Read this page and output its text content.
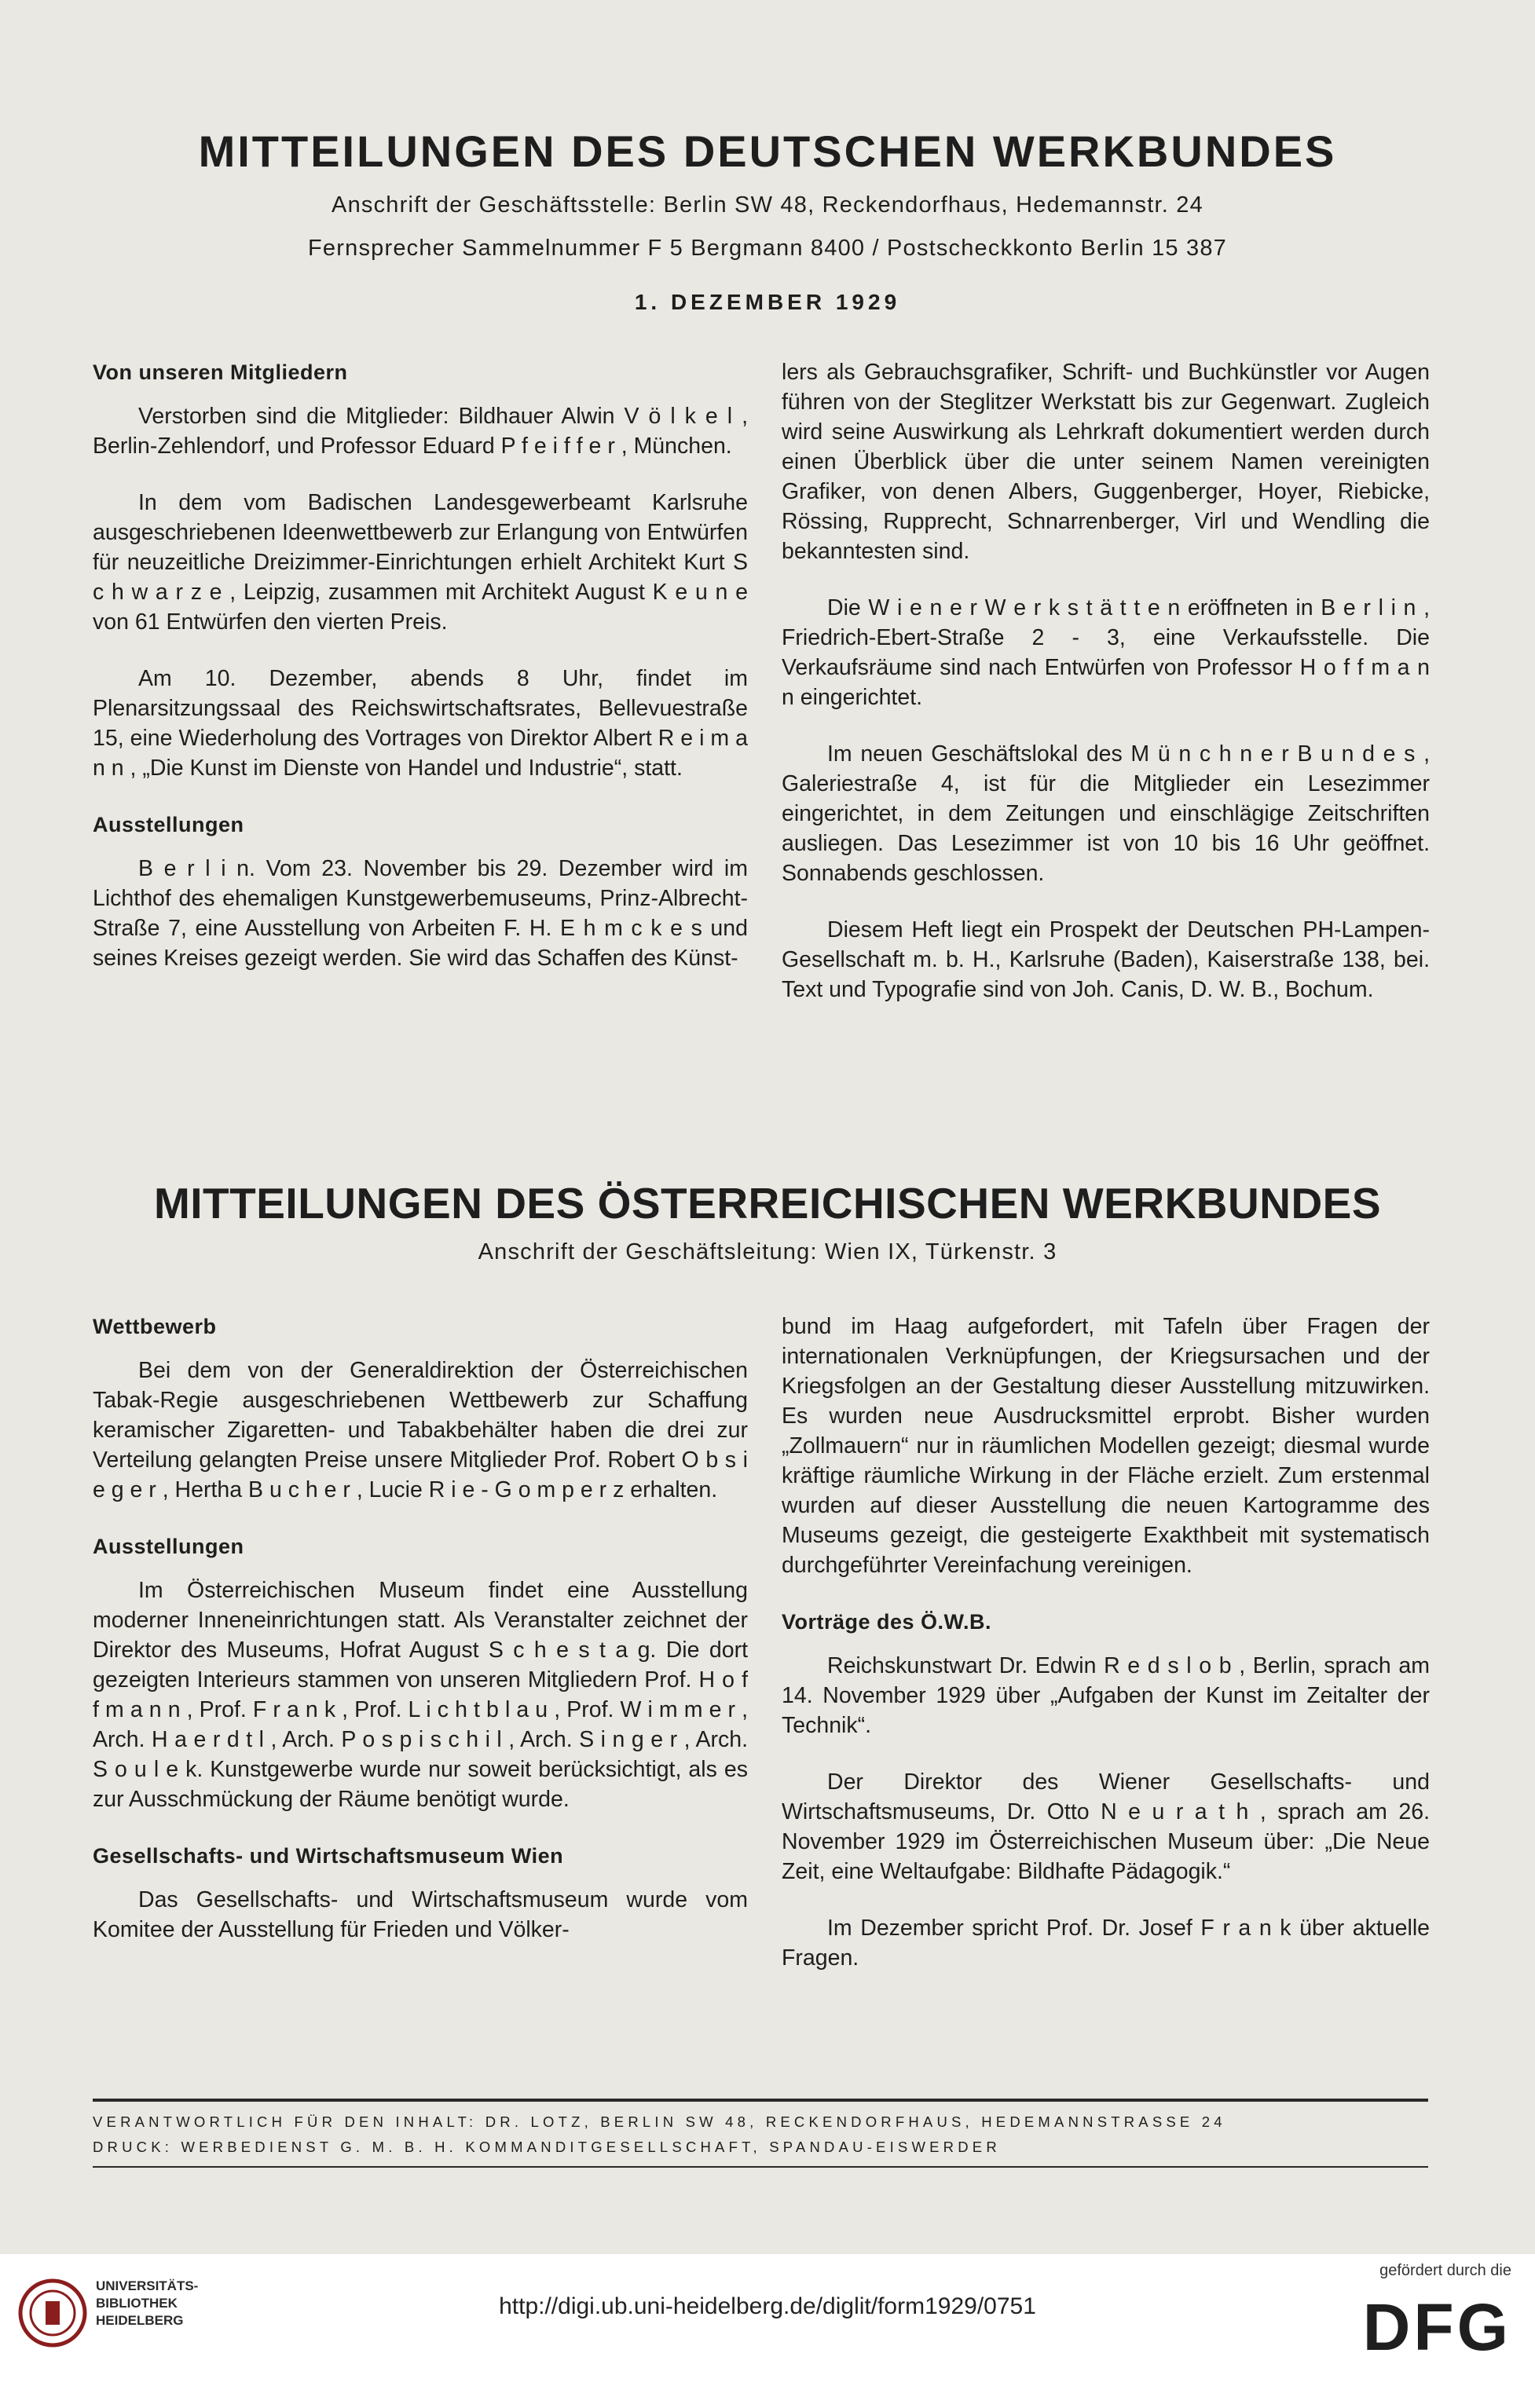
MITTEILUNGEN DES DEUTSCHEN WERKBUNDES
Anschrift der Geschäftsstelle: Berlin SW 48, Reckendorfhaus, Hedemannstr. 24
Fernsprecher Sammelnummer F 5 Bergmann 8400 / Postscheckkonto Berlin 15 387
1. DEZEMBER 1929
Von unseren Mitgliedern
Verstorben sind die Mitglieder: Bildhauer Alwin V ö l k e l , Berlin-Zehlendorf, und Professor Eduard P f e i f f e r , München.
In dem vom Badischen Landesgewerbeamt Karlsruhe ausgeschriebenen Ideenwettbewerb zur Erlangung von Entwürfen für neuzeitliche Dreizimmer-Einrichtungen erhielt Architekt Kurt S c h w a r z e , Leipzig, zusammen mit Architekt August K e u n e von 61 Entwürfen den vierten Preis.
Am 10. Dezember, abends 8 Uhr, findet im Plenarsitzungssaal des Reichswirtschaftsrates, Bellevuestraße 15, eine Wiederholung des Vortrages von Direktor Albert R e i m a n n , „Die Kunst im Dienste von Handel und Industrie“, statt.
Ausstellungen
B e r l i n. Vom 23. November bis 29. Dezember wird im Lichthof des ehemaligen Kunstgewerbemuseums, Prinz-Albrecht-Straße 7, eine Ausstellung von Arbeiten F. H. E h m c k e s und seines Kreises gezeigt werden. Sie wird das Schaffen des Künst-
lers als Gebrauchsgrafiker, Schrift- und Buchkünstler vor Augen führen von der Steglitzer Werkstatt bis zur Gegenwart. Zugleich wird seine Auswirkung als Lehrkraft dokumentiert werden durch einen Überblick über die unter seinem Namen vereinigten Grafiker, von denen Albers, Guggenberger, Hoyer, Riebicke, Rössing, Rupprecht, Schnarrenberger, Virl und Wendling die bekanntesten sind.
Die W i e n e r W e r k s t ä t t e n eröffneten in B e r l i n , Friedrich-Ebert-Straße 2 - 3, eine Verkaufsstelle. Die Verkaufsräume sind nach Entwürfen von Professor H o f f m a n n eingerichtet.
Im neuen Geschäftslokal des M ü n c h n e r B u n d e s , Galeriestraße 4, ist für die Mitglieder ein Lesezimmer eingerichtet, in dem Zeitungen und einschlägige Zeitschriften ausliegen. Das Lesezimmer ist von 10 bis 16 Uhr geöffnet. Sonnabends geschlossen.
Diesem Heft liegt ein Prospekt der Deutschen PH-Lampen-Gesellschaft m. b. H., Karlsruhe (Baden), Kaiserstraße 138, bei. Text und Typografie sind von Joh. Canis, D. W. B., Bochum.
MITTEILUNGEN DES ÖSTERREICHISCHEN WERKBUNDES
Anschrift der Geschäftsleitung: Wien IX, Türkenstr. 3
Wettbewerb
Bei dem von der Generaldirektion der Österreichischen Tabak-Regie ausgeschriebenen Wettbewerb zur Schaffung keramischer Zigaretten- und Tabakbehälter haben die drei zur Verteilung gelangten Preise unsere Mitglieder Prof. Robert O b s i e g e r , Hertha B u c h e r , Lucie R i e - G o m p e r z erhalten.
Ausstellungen
Im Österreichischen Museum findet eine Ausstellung moderner Inneneinrichtungen statt. Als Veranstalter zeichnet der Direktor des Museums, Hofrat August S c h e s t a g. Die dort gezeigten Interieurs stammen von unseren Mitgliedern Prof. H o f f m a n n , Prof. F r a n k , Prof. L i c h t b l a u , Prof. W i m m e r , Arch. H a e r d t l , Arch. P o s p i s c h i l , Arch. S i n g e r , Arch. S o u l e k. Kunstgewerbe wurde nur soweit berücksichtigt, als es zur Ausschmückung der Räume benötigt wurde.
Gesellschafts- und Wirtschaftsmuseum Wien
Das Gesellschafts- und Wirtschaftsmuseum wurde vom Komitee der Ausstellung für Frieden und Völker-
bund im Haag aufgefordert, mit Tafeln über Fragen der internationalen Verknüpfungen, der Kriegsursachen und der Kriegsfolgen an der Gestaltung dieser Ausstellung mitzuwirken. Es wurden neue Ausdrucksmittel erprobt. Bisher wurden „Zollmauern“ nur in räumlichen Modellen gezeigt; diesmal wurde kräftige räumliche Wirkung in der Fläche erzielt. Zum erstenmal wurden auf dieser Ausstellung die neuen Kartogramme des Museums gezeigt, die gesteigerte Exakthbeit mit systematisch durchgeführter Vereinfachung vereinigen.
Vorträge des Ö.W.B.
Reichskunstwart Dr. Edwin R e d s l o b , Berlin, sprach am 14. November 1929 über „Aufgaben der Kunst im Zeitalter der Technik“.
Der Direktor des Wiener Gesellschafts- und Wirtschaftsmuseums, Dr. Otto N e u r a t h , sprach am 26. November 1929 im Österreichischen Museum über: „Die Neue Zeit, eine Weltaufgabe: Bildhafte Pädagogik.“
Im Dezember spricht Prof. Dr. Josef F r a n k über aktuelle Fragen.
VERANTWORTLICH FÜR DEN INHALT: DR. LOTZ, BERLIN SW 48, RECKENDORFHAUS, HEDEMANNSTRASSE 24
DRUCK: WERBEDIENST G. M. B. H. KOMMANDITGESELLSCHAFT, SPANDAU-EISWERDER
UNIVERSITÄTS-
BIBLIOTHEK
HEIDELBERG
http://digi.ub.uni-heidelberg.de/diglit/form1929/0751
gefördert durch die
DFG
